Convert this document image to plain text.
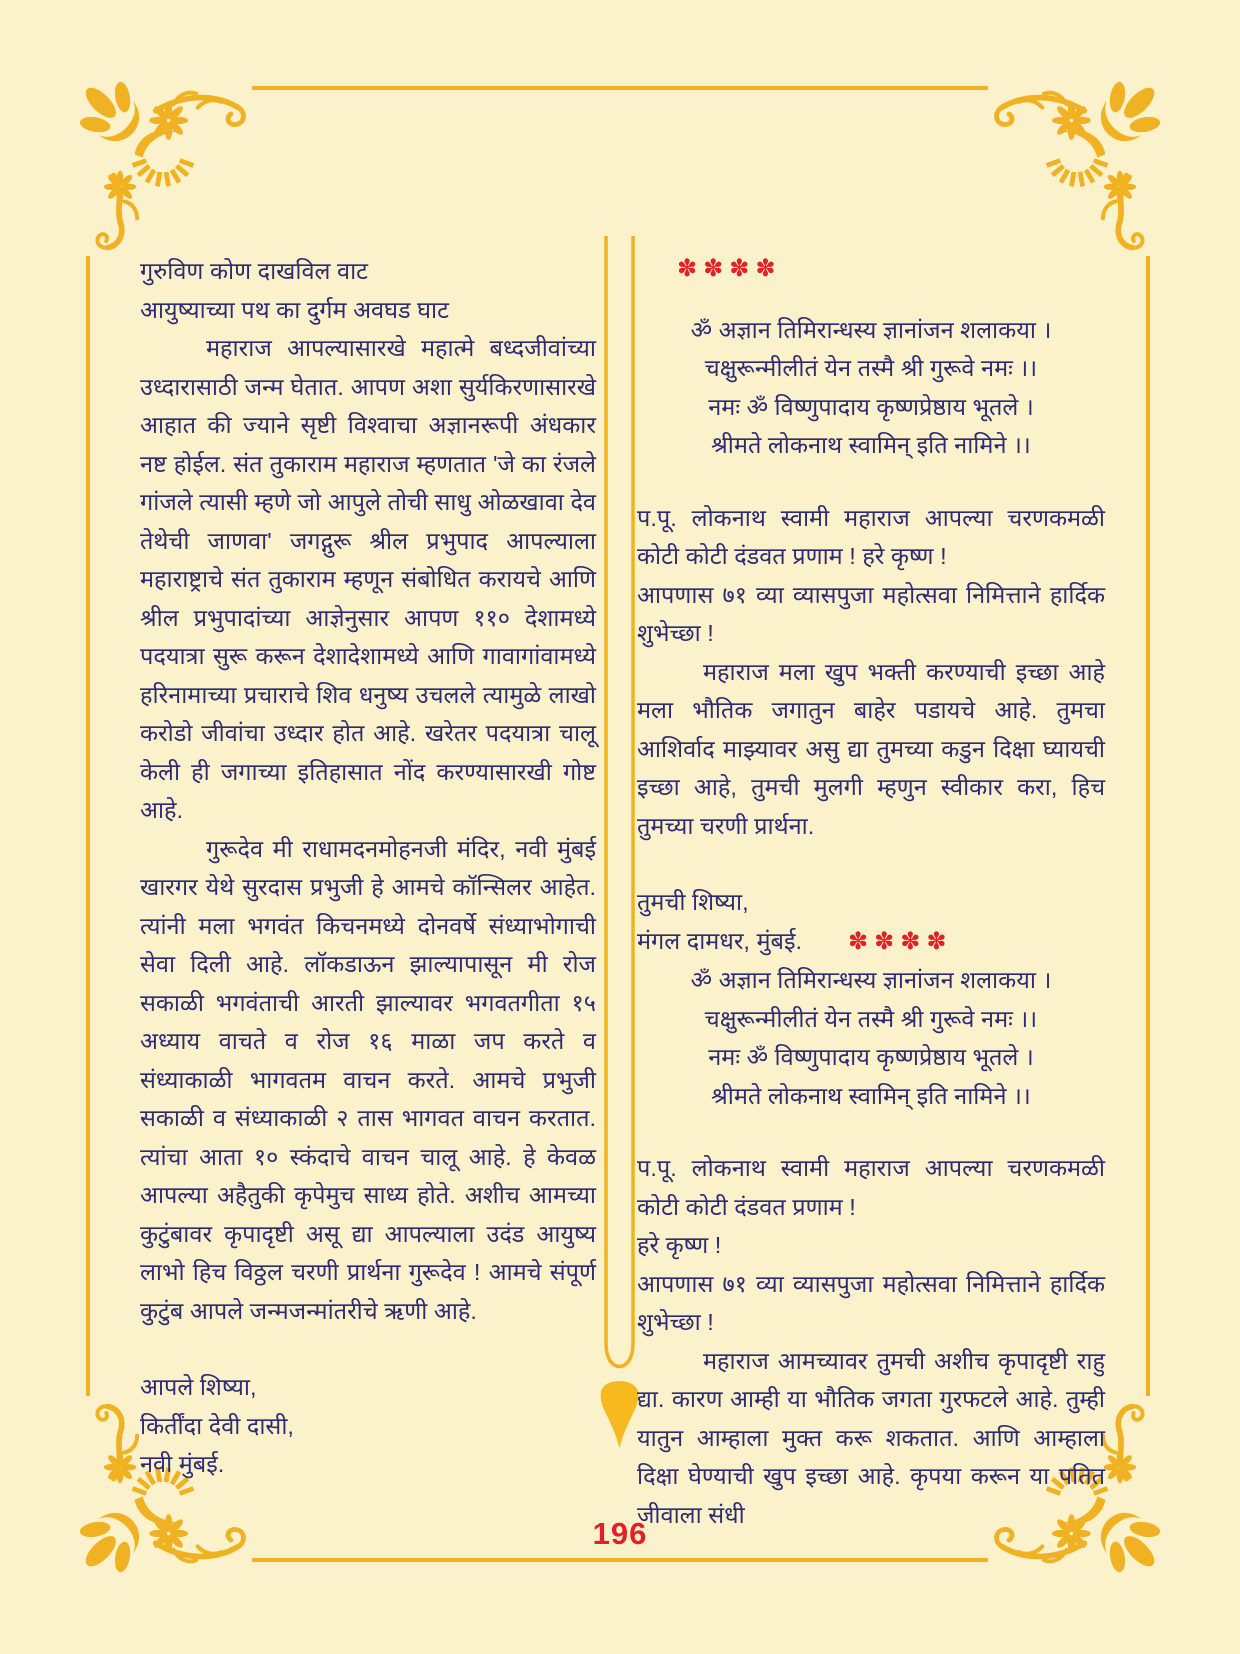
गुरुविण कोण दाखविल वाट
आयुष्याच्या पथ का दुर्गम अवघड घाट

महाराज आपल्यासारखे महात्मे बध्दजीवांच्या उध्दारासाठी जन्म घेतात. आपण अशा सुर्यकिरणासारखे आहात की ज्याने सृष्टी विश्वाचा अज्ञानरूपी अंधकार नष्ट होईल. संत तुकाराम महाराज म्हणतात 'जे का रंजले गांजले त्यासी म्हणे जो आपुले तोची साधु ओळखावा देव तेथेची जाणवा' जगद्गुरू श्रील प्रभुपाद आपल्याला महाराष्ट्राचे संत तुकाराम म्हणून संबोधित करायचे आणि श्रील प्रभुपादांच्या आज्ञेनुसार आपण ११० देशामध्ये पदयात्रा सुरू करून देशादेशामध्ये आणि गावागांवामध्ये हरिनामाच्या प्रचाराचे शिव धनुष्य उचलले त्यामुळे लाखो करोडो जीवांचा उध्दार होत आहे. खरेतर पदयात्रा चालू केली ही जगाच्या इतिहासात नोंद करण्यासारखी गोष्ट आहे.

गुरूदेव मी राधामदनमोहनजी मंदिर, नवी मुंबई खारगर येथे सुरदास प्रभुजी हे आमचे कॉन्सिलर आहेत. त्यांनी मला भगवंत किचनमध्ये दोनवर्षे संध्याभोगाची सेवा दिली आहे. लॉकडाऊन झाल्यापासून मी रोज सकाळी भगवंताची आरती झाल्यावर भगवतगीता १५ अध्याय वाचते व रोज १६ माळा जप करते व संध्याकाळी भागवतम वाचन करते. आमचे प्रभुजी सकाळी व संध्याकाळी २ तास भागवत वाचन करतात. त्यांचा आता १० स्कंदाचे वाचन चालू आहे. हे केवळ आपल्या अहैतुकी कृपेमुच साध्य होते. अशीच आमच्या कुटुंबावर कृपादृष्टी असू द्या आपल्याला उदंड आयुष्य लाभो हिच विठ्ठल चरणी प्रार्थना गुरूदेव ! आमचे संपूर्ण कुटुंब आपले जन्मजन्मांतरीचे ऋणी आहे.

आपले शिष्या,
किर्तींदा देवी दासी,
नवी मुंबई.
✽✽✽✽
ॐ अज्ञान तिमिरान्धस्य ज्ञानांजन शलाकया ।
चक्षुरून्मीलीतं येन तस्मै श्री गुरूवे नमः ।।
नमः ॐ विष्णुपादाय कृष्णप्रेष्ठाय भूतले ।
श्रीमते लोकनाथ स्वामिन् इति नामिने ।।

प.पू. लोकनाथ स्वामी महाराज आपल्या चरणकमळी कोटी कोटी दंडवत प्रणाम ! हरे कृष्ण !

आपणास ७१ व्या व्यासपुजा महोत्सवा निमित्ताने हार्दिक शुभेच्छा !

महाराज मला खुप भक्ती करण्याची इच्छा आहे मला भौतिक जगातुन बाहेर पडायचे आहे. तुमचा आशिर्वाद माझ्यावर असु द्या तुमच्या कडुन दिक्षा घ्यायची इच्छा आहे, तुमची मुलगी म्हणुन स्वीकार करा, हिच तुमच्या चरणी प्रार्थना.

तुमची शिष्या,
मंगल दामधर, मुंबई. ✽✽✽✽
ॐ अज्ञान तिमिरान्धस्य ज्ञानांजन शलाकया ।
चक्षुरून्मीलीतं येन तस्मै श्री गुरूवे नमः ।।
नमः ॐ विष्णुपादाय कृष्णप्रेष्ठाय भूतले ।
श्रीमते लोकनाथ स्वामिन् इति नामिने ।।

प.पू. लोकनाथ स्वामी महाराज आपल्या चरणकमळी कोटी कोटी दंडवत प्रणाम !

हरे कृष्ण !

आपणास ७१ व्या व्यासपुजा महोत्सवा निमित्ताने हार्दिक शुभेच्छा !

महाराज आमच्यावर तुमची अशीच कृपादृष्टी राहु द्या. कारण आम्ही या भौतिक जगता गुरफटले आहे. तुम्ही यातुन आम्हाला मुक्त करू शकतात. आणि आम्हाला दिक्षा घेण्याची खुप इच्छा आहे. कृपया करून या पतित जीवाला संधी

196
